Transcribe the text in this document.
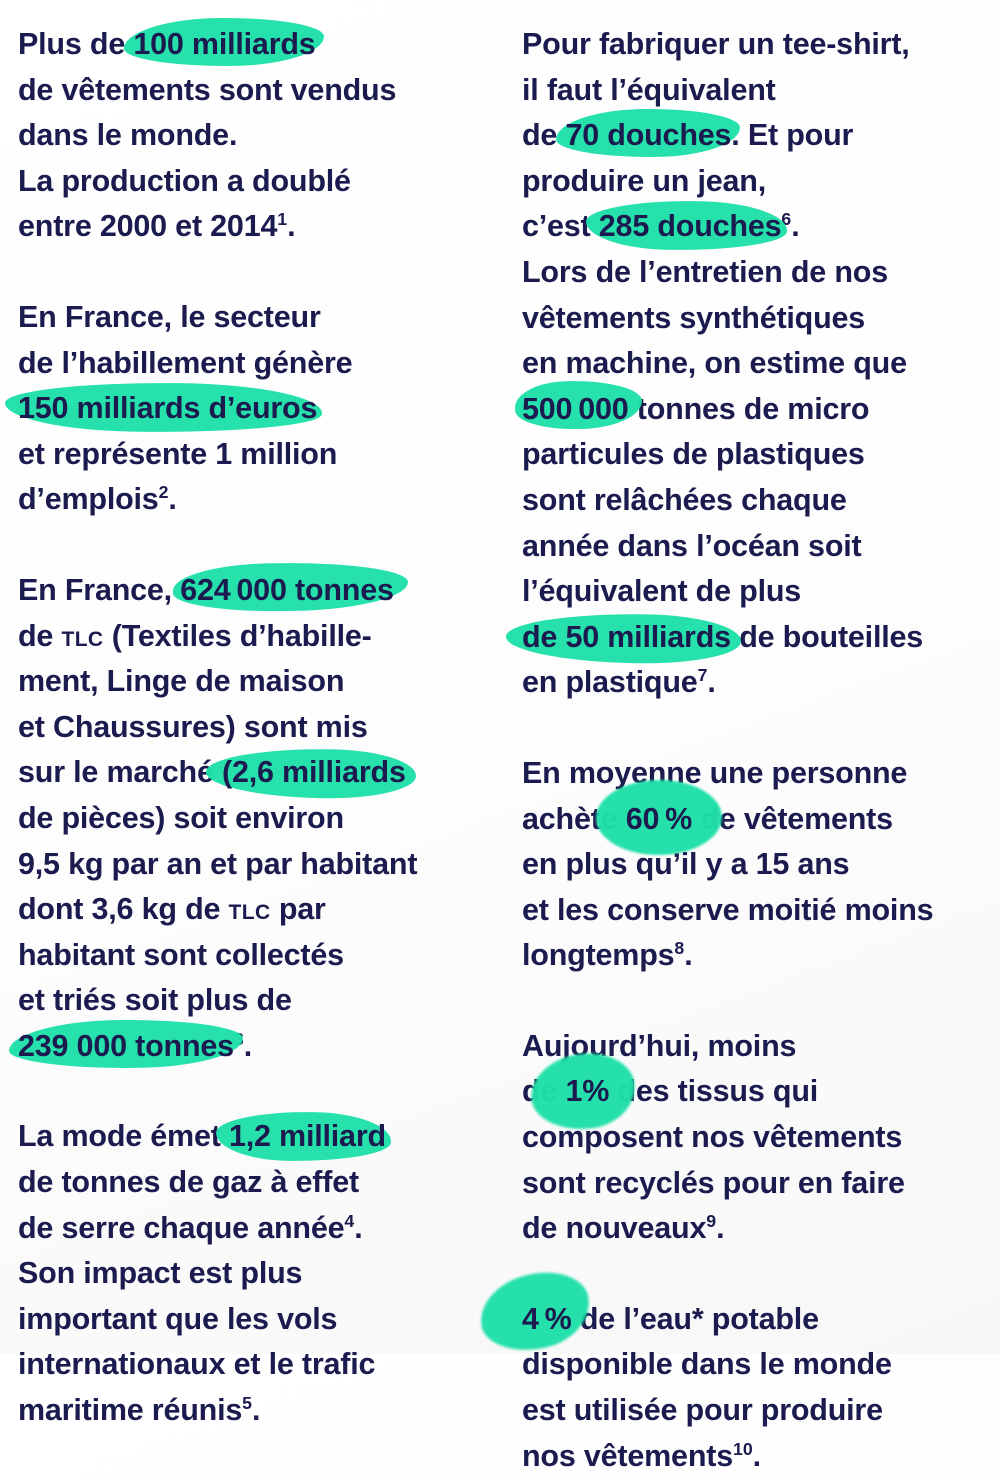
Plus de 100 milliards
de vêtements sont vendus
dans le monde.
La production a doublé
entre 2000 et 2014$^1$.

En France, le secteur
de l’habillement génère
150 milliards d’euros
et représente 1 million
d’emplois$^2$.

En France, 624 000 tonnes
de tlc (Textiles d’habille-
ment, Linge de maison
et Chaussures) sont mis
sur le marché (2,6 milliards
de pièces) soit environ
9,5 kg par an et par habitant
dont 3,6 kg de tlc par
habitant sont collectés
et triés soit plus de
239 000 tonnes$^3$.

La mode émet 1,2 milliard
de tonnes de gaz à effet
de serre chaque année$^4$.
Son impact est plus
important que les vols
internationaux et le trafic
maritime réunis$^5$.

Pour fabriquer un tee-shirt,
il faut l’équivalent
de 70 douches. Et pour
produire un jean,
c’est 285 douches$^6$.
Lors de l’entretien de nos
vêtements synthétiques
en machine, on estime que
500 000 tonnes de micro
particules de plastiques
sont relâchées chaque
année dans l’océan soit
l’équivalent de plus
de 50 milliards de bouteilles
en plastique$^7$.

En moyenne une personne
achète 60 % de vêtements
en plus qu’il y a 15 ans
et les conserve moitié moins
longtemps$^8$.

Aujourd’hui, moins
de 1% des tissus qui
composent nos vêtements
sont recyclés pour en faire
de nouveaux$^9$.

4 % de l’eau* potable
disponible dans le monde
est utilisée pour produire
nos vêtements$^{10}$.
